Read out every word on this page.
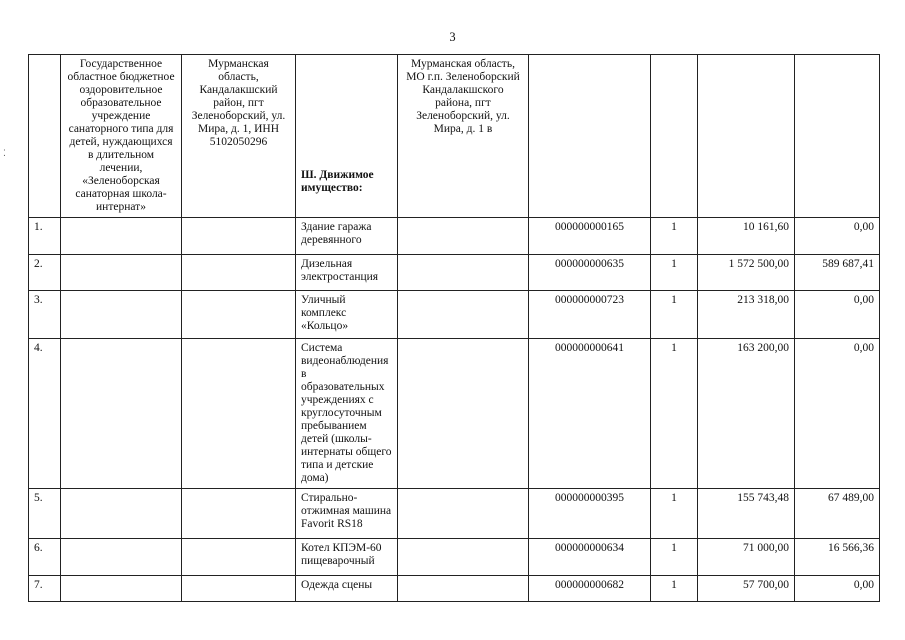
3
⁚
	Государственное областное бюджетное оздоровительное образовательное учреждение санаторного типа для детей, нуждающихся в длительном лечении, «Зеленоборская санаторная школа-интернат»	Мурманская область, Кандалакшский район, пгт Зеленоборский, ул. Мира, д. 1, ИНН 5102050296	Ш. Движимое имущество:	Мурманская область, МО г.п. Зеленоборский Кандалакшского района, пгт Зеленоборский, ул. Мира, д. 1 в				
1.			Здание гаража деревянного		000000000165	1	10 161,60	0,00
2.			Дизельная электростанция		000000000635	1	1 572 500,00	589 687,41
3.			Уличный комплекс «Кольцо»		000000000723	1	213 318,00	0,00
4.			Система видеонаблюдения в образовательных учреждениях с круглосуточным пребыванием детей (школы-интернаты общего типа и детские дома)		000000000641	1	163 200,00	0,00
5.			Стирально-отжимная машина Favorit RS18		000000000395	1	155 743,48	67 489,00
6.			Котел КПЭМ-60 пищеварочный		000000000634	1	71 000,00	16 566,36
7.			Одежда сцены		000000000682	1	57 700,00	0,00
